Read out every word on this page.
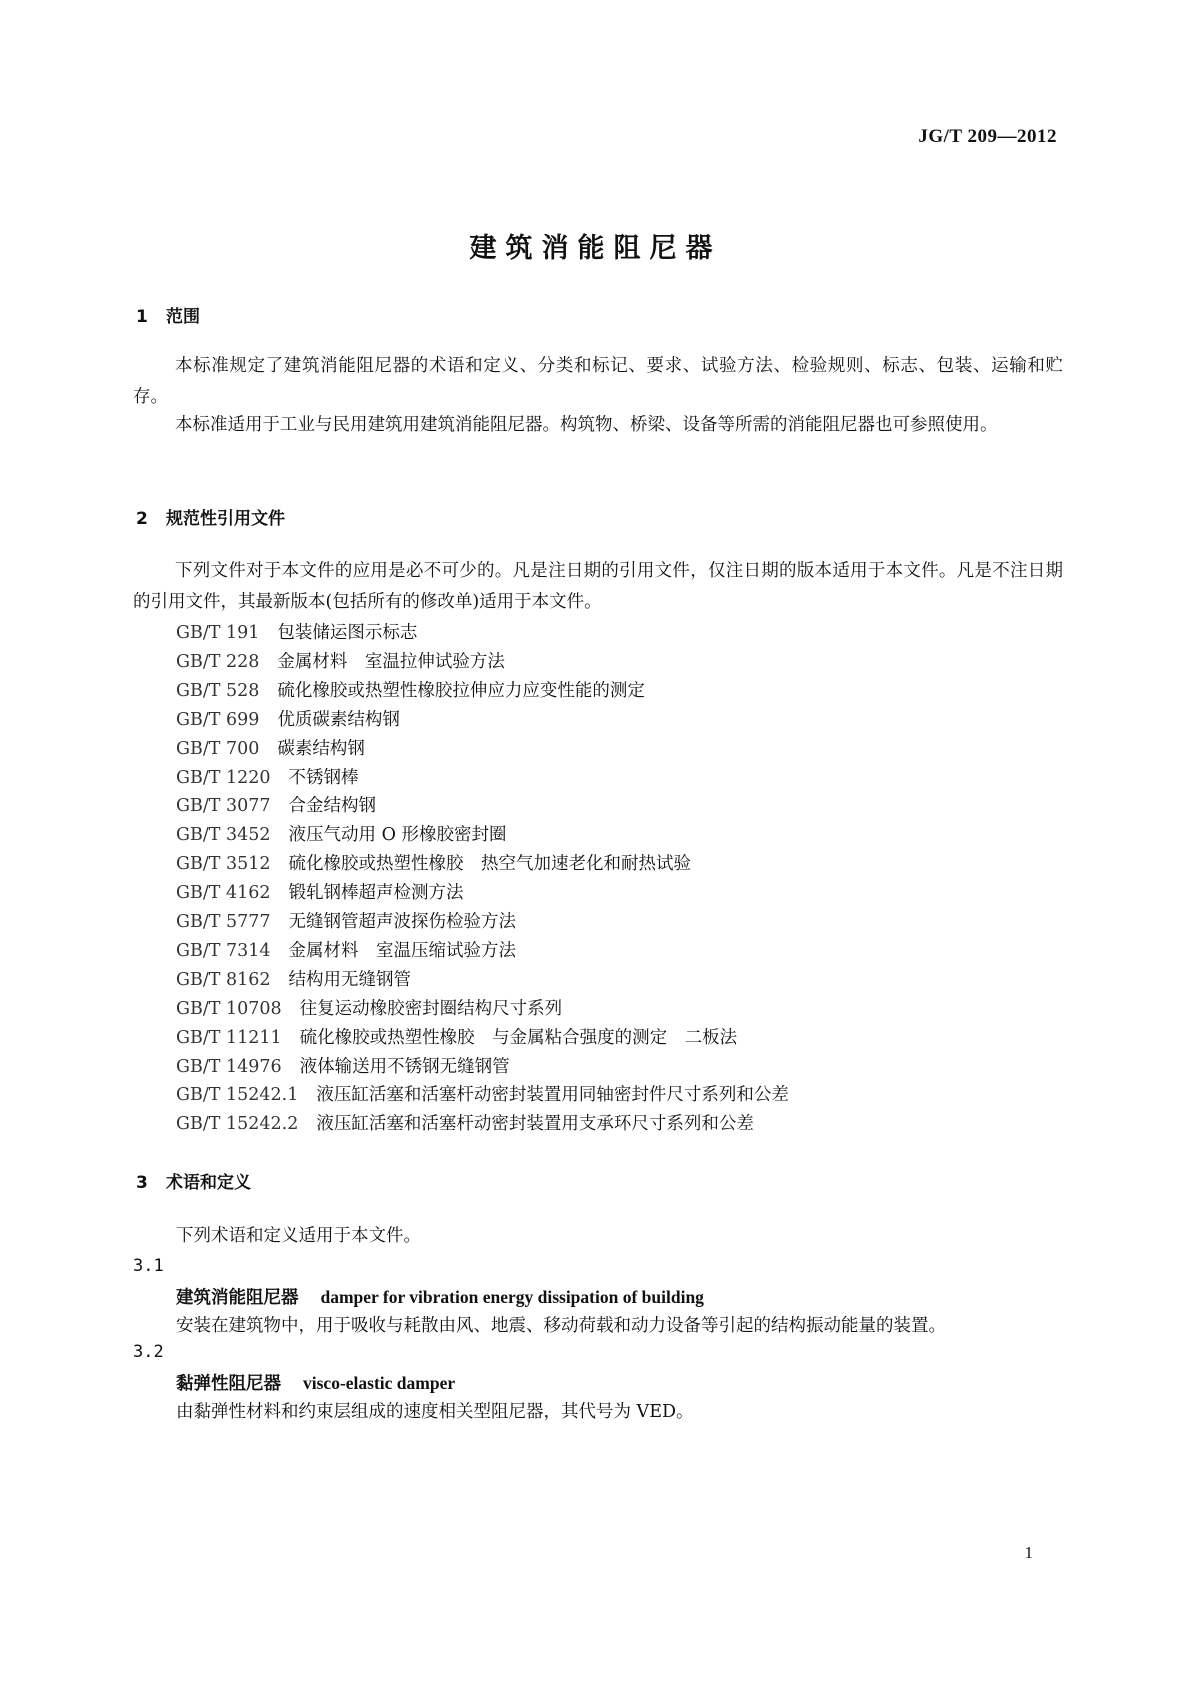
JG/T 209—2012
建筑消能阻尼器
1 范围
本标准规定了建筑消能阻尼器的术语和定义、分类和标记、要求、试验方法、检验规则、标志、包装、运输和贮存。
本标准适用于工业与民用建筑用建筑消能阻尼器。构筑物、桥梁、设备等所需的消能阻尼器也可参照使用。
2 规范性引用文件
下列文件对于本文件的应用是必不可少的。凡是注日期的引用文件，仅注日期的版本适用于本文件。凡是不注日期的引用文件，其最新版本(包括所有的修改单)适用于本文件。
GB/T 191 包装储运图示标志
GB/T 228 金属材料　室温拉伸试验方法
GB/T 528 硫化橡胶或热塑性橡胶拉伸应力应变性能的测定
GB/T 699 优质碳素结构钢
GB/T 700 碳素结构钢
GB/T 1220 不锈钢棒
GB/T 3077 合金结构钢
GB/T 3452 液压气动用 O 形橡胶密封圈
GB/T 3512 硫化橡胶或热塑性橡胶　热空气加速老化和耐热试验
GB/T 4162 锻轧钢棒超声检测方法
GB/T 5777 无缝钢管超声波探伤检验方法
GB/T 7314 金属材料　室温压缩试验方法
GB/T 8162 结构用无缝钢管
GB/T 10708 往复运动橡胶密封圈结构尺寸系列
GB/T 11211 硫化橡胶或热塑性橡胶　与金属粘合强度的测定　二板法
GB/T 14976 液体输送用不锈钢无缝钢管
GB/T 15242.1 液压缸活塞和活塞杆动密封装置用同轴密封件尺寸系列和公差
GB/T 15242.2 液压缸活塞和活塞杆动密封装置用支承环尺寸系列和公差
3 术语和定义
下列术语和定义适用于本文件。
3.1
建筑消能阻尼器 damper for vibration energy dissipation of building
安装在建筑物中，用于吸收与耗散由风、地震、移动荷载和动力设备等引起的结构振动能量的装置。
3.2
黏弹性阻尼器 visco-elastic damper
由黏弹性材料和约束层组成的速度相关型阻尼器，其代号为 VED。
1
